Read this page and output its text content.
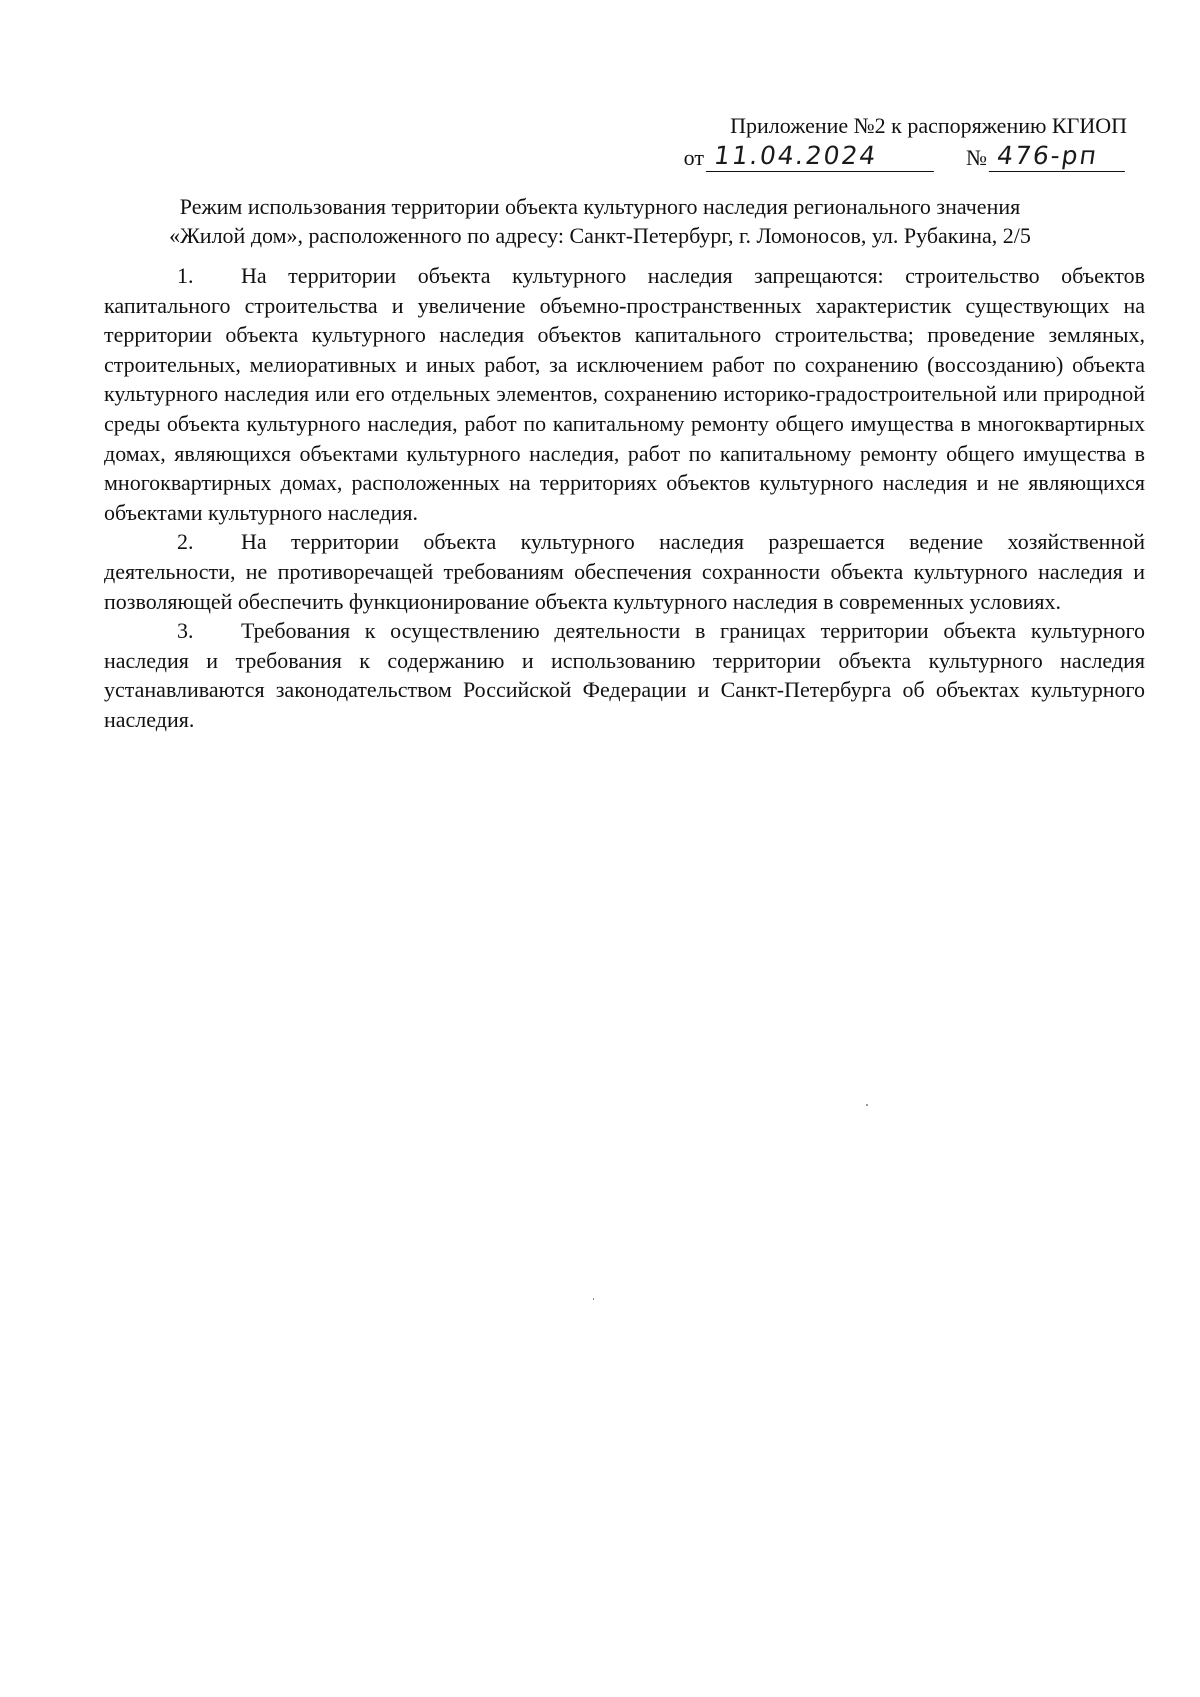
Приложение №2 к распоряжению КГИОП
от 11.04.2024	№ 476-рп
Режим использования территории объекта культурного наследия регионального значения
«Жилой дом», расположенного по адресу: Санкт-Петербург, г. Ломоносов, ул. Рубакина, 2/5

1. На территории объекта культурного наследия запрещаются: строительство объектов капитального строительства и увеличение объемно-пространственных характеристик существующих на территории объекта культурного наследия объектов капитального строительства; проведение земляных, строительных, мелиоративных и иных работ, за исключением работ по сохранению (воссозданию) объекта культурного наследия или его отдельных элементов, сохранению историко-градостроительной или природной среды объекта культурного наследия, работ по капитальному ремонту общего имущества в многоквартирных домах, являющихся объектами культурного наследия, работ по капитальному ремонту общего имущества в многоквартирных домах, расположенных на территориях объектов культурного наследия и не являющихся объектами культурного наследия.

2. На территории объекта культурного наследия разрешается ведение хозяйственной деятельности, не противоречащей требованиям обеспечения сохранности объекта культурного наследия и позволяющей обеспечить функционирование объекта культурного наследия в современных условиях.

3. Требования к осуществлению деятельности в границах территории объекта культурного наследия и требования к содержанию и использованию территории объекта культурного наследия устанавливаются законодательством Российской Федерации и Санкт-Петербурга об объектах культурного наследия.
